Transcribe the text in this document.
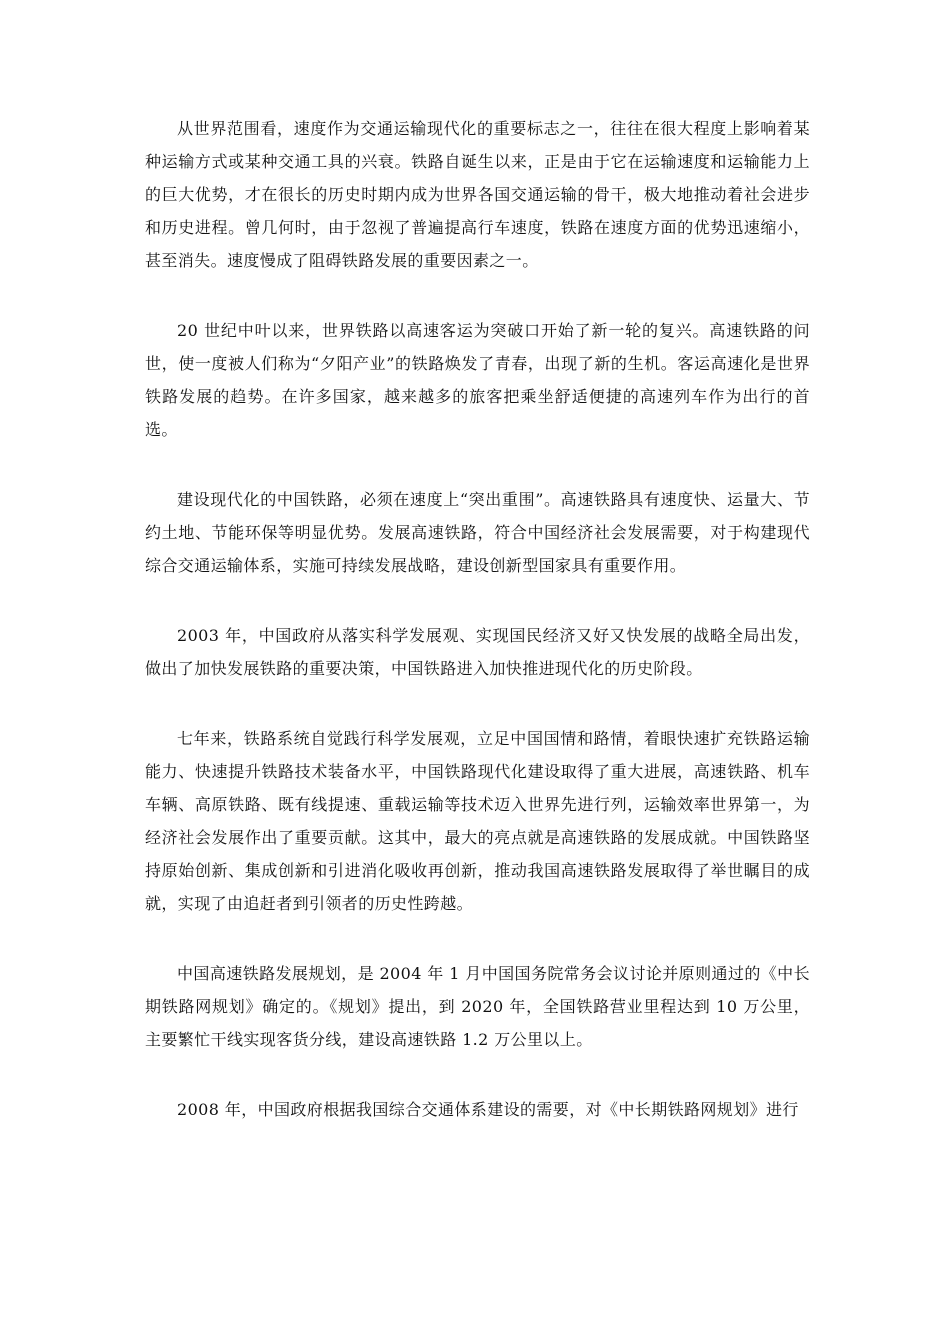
从世界范围看，速度作为交通运输现代化的重要标志之一，往往在很大程度上影响着某种运输方式或某种交通工具的兴衰。铁路自诞生以来，正是由于它在运输速度和运输能力上的巨大优势，才在很长的历史时期内成为世界各国交通运输的骨干，极大地推动着社会进步和历史进程。曾几何时，由于忽视了普遍提高行车速度，铁路在速度方面的优势迅速缩小，甚至消失。速度慢成了阻碍铁路发展的重要因素之一。

20 世纪中叶以来，世界铁路以高速客运为突破口开始了新一轮的复兴。高速铁路的问世，使一度被人们称为“夕阳产业”的铁路焕发了青春，出现了新的生机。客运高速化是世界铁路发展的趋势。在许多国家，越来越多的旅客把乘坐舒适便捷的高速列车作为出行的首选。

建设现代化的中国铁路，必须在速度上“突出重围”。高速铁路具有速度快、运量大、节约土地、节能环保等明显优势。发展高速铁路，符合中国经济社会发展需要，对于构建现代综合交通运输体系，实施可持续发展战略，建设创新型国家具有重要作用。

2003 年，中国政府从落实科学发展观、实现国民经济又好又快发展的战略全局出发，做出了加快发展铁路的重要决策，中国铁路进入加快推进现代化的历史阶段。

七年来，铁路系统自觉践行科学发展观，立足中国国情和路情，着眼快速扩充铁路运输能力、快速提升铁路技术装备水平，中国铁路现代化建设取得了重大进展，高速铁路、机车车辆、高原铁路、既有线提速、重载运输等技术迈入世界先进行列，运输效率世界第一，为经济社会发展作出了重要贡献。这其中，最大的亮点就是高速铁路的发展成就。中国铁路坚持原始创新、集成创新和引进消化吸收再创新，推动我国高速铁路发展取得了举世瞩目的成就，实现了由追赶者到引领者的历史性跨越。

中国高速铁路发展规划，是 2004 年 1 月中国国务院常务会议讨论并原则通过的《中长期铁路网规划》确定的。《规划》提出，到 2020 年，全国铁路营业里程达到 10 万公里，主要繁忙干线实现客货分线，建设高速铁路 1.2 万公里以上。

2008 年，中国政府根据我国综合交通体系建设的需要，对《中长期铁路网规划》进行
